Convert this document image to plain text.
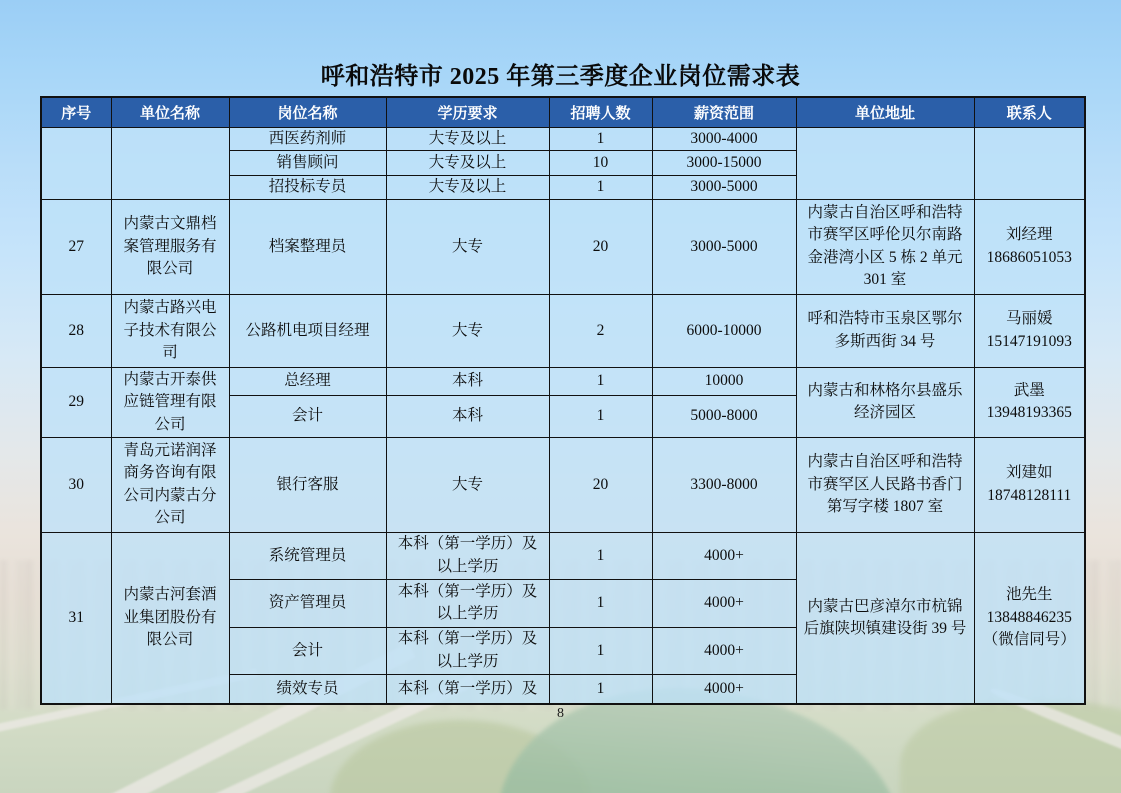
呼和浩特市 2025 年第三季度企业岗位需求表
序号	单位名称	岗位名称	学历要求	招聘人数	薪资范围	单位地址	联系人
		西医药剂师	大专及以上	1	3000-4000		

		销售顾问	大专及以上	10	3000-15000		
		招投标专员	大专及以上	1	3000-5000		
27	内蒙古文鼎档案管理服务有限公司	档案整理员	大专	20	3000-5000	内蒙古自治区呼和浩特市赛罕区呼伦贝尔南路金港湾小区 5 栋 2 单元 301 室	刘经理
18686051053

28	内蒙古路兴电子技术有限公司	公路机电项目经理	大专	2	6000-10000	呼和浩特市玉泉区鄂尔多斯西街 34 号	马丽媛
15147191093

29	内蒙古开泰供应链管理有限公司	总经理	本科	1	10000	内蒙古和林格尔县盛乐经济园区	武墨
13948193365

		会计	本科	1	5000-8000		
30	青岛元诺润泽商务咨询有限公司内蒙古分公司	银行客服	大专	20	3300-8000	内蒙古自治区呼和浩特市赛罕区人民路书香门第写字楼 1807 室	刘建如
18748128111

31	内蒙古河套酒业集团股份有限公司	系统管理员	本科（第一学历）及以上学历	1	4000+	内蒙古巴彦淖尔市杭锦后旗陕坝镇建设街 39 号	池先生
13848846235
（微信同号）

		资产管理员	本科（第一学历）及以上学历	1	4000+		
		会计	本科（第一学历）及以上学历	1	4000+		
		绩效专员	本科（第一学历）及	1	4000+		
8
